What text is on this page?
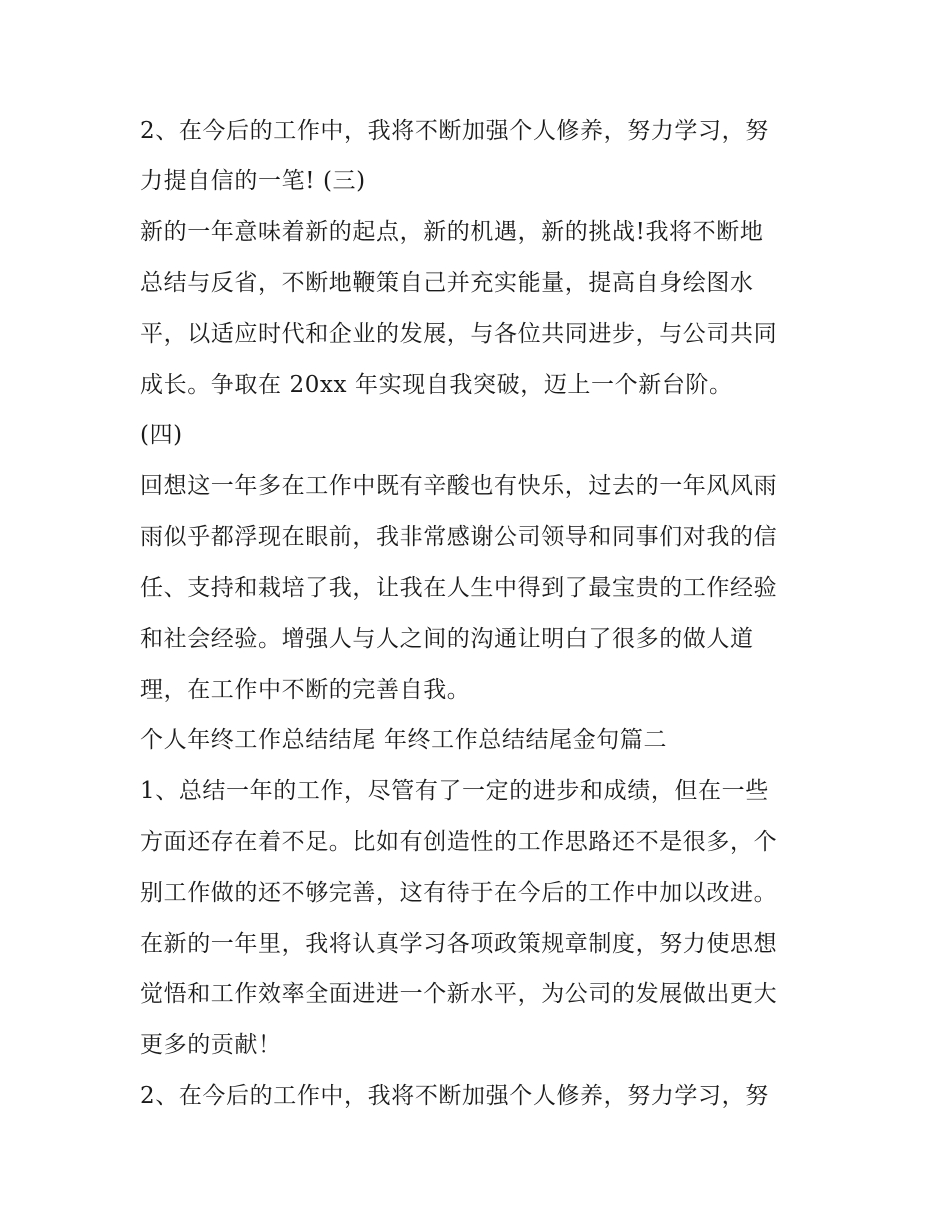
2、在今后的工作中，我将不断加强个人修养，努力学习，努
力提自信的一笔! (三)
新的一年意味着新的起点，新的机遇，新的挑战!我将不断地
总结与反省，不断地鞭策自己并充实能量，提高自身绘图水
平，以适应时代和企业的发展，与各位共同进步，与公司共同
成长。争取在 20xx 年实现自我突破，迈上一个新台阶。
(四)
回想这一年多在工作中既有辛酸也有快乐，过去的一年风风雨
雨似乎都浮现在眼前，我非常感谢公司领导和同事们对我的信
任、支持和栽培了我，让我在人生中得到了最宝贵的工作经验
和社会经验。增强人与人之间的沟通让明白了很多的做人道
理，在工作中不断的完善自我。
个人年终工作总结结尾 年终工作总结结尾金句篇二
1、总结一年的工作，尽管有了一定的进步和成绩，但在一些
方面还存在着不足。比如有创造性的工作思路还不是很多，个
别工作做的还不够完善，这有待于在今后的工作中加以改进。
在新的一年里，我将认真学习各项政策规章制度，努力使思想
觉悟和工作效率全面进进一个新水平，为公司的发展做出更大
更多的贡献！
2、在今后的工作中，我将不断加强个人修养，努力学习，努
